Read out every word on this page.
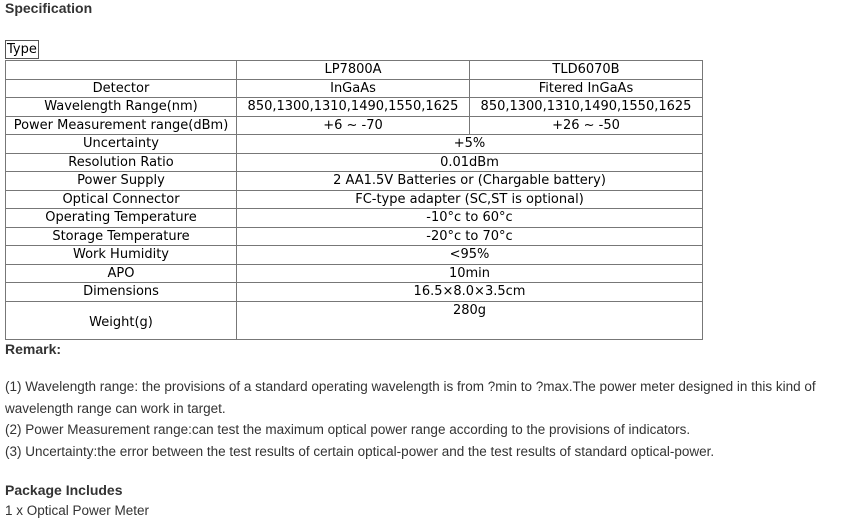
Specification
Type
	LP7800A	TLD6070B
Detector	InGaAs	Fitered InGaAs
Wavelength Range(nm)	850,1300,1310,1490,1550,1625	850,1300,1310,1490,1550,1625
Power Measurement range(dBm)	+6 ~ -70	+26 ~ -50
Uncertainty	+5%	
Resolution Ratio	0.01dBm	
Power Supply	2 AA1.5V Batteries or (Chargable battery)	
Optical Connector	FC-type adapter (SC,ST is optional)	
Operating Temperature	-10°c to 60°c	
Storage Temperature	-20°c to 70°c	
Work Humidity	<95%	
APO	10min	
Dimensions	16.5×8.0×3.5cm	
Weight(g)	280g	
Remark:
(1) Wavelength range: the provisions of a standard operating wavelength is from ?min to ?max.The power meter designed in this kind of wavelength range can work in target.
(2) Power Measurement range:can test the maximum optical power range according to the provisions of indicators.
(3) Uncertainty:the error between the test results of certain optical-power and the test results of standard optical-power.
Package Includes
1 x Optical Power Meter
